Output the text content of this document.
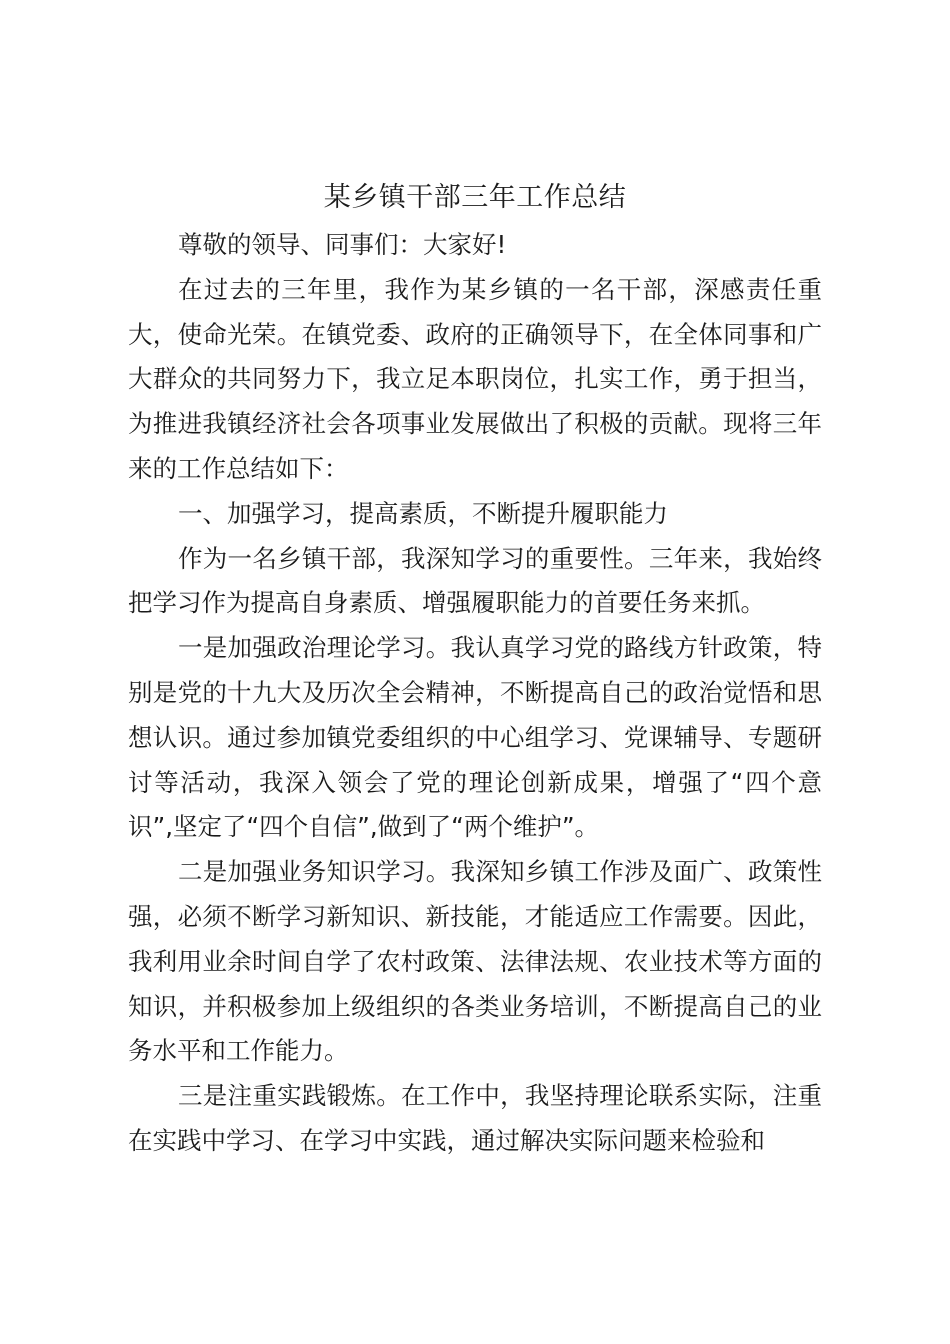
某乡镇干部三年工作总结

尊敬的领导、同事们：大家好!

在过去的三年里，我作为某乡镇的一名干部，深感责任重大，使命光荣。在镇党委、政府的正确领导下，在全体同事和广大群众的共同努力下，我立足本职岗位，扎实工作，勇于担当，为推进我镇经济社会各项事业发展做出了积极的贡献。现将三年来的工作总结如下：

一、加强学习，提高素质，不断提升履职能力

作为一名乡镇干部，我深知学习的重要性。三年来，我始终把学习作为提高自身素质、增强履职能力的首要任务来抓。

一是加强政治理论学习。我认真学习党的路线方针政策，特别是党的十九大及历次全会精神，不断提高自己的政治觉悟和思想认识。通过参加镇党委组织的中心组学习、党课辅导、专题研讨等活动，我深入领会了党的理论创新成果，增强了“四个意识”,坚定了“四个自信”,做到了“两个维护”。

二是加强业务知识学习。我深知乡镇工作涉及面广、政策性强，必须不断学习新知识、新技能，才能适应工作需要。因此，我利用业余时间自学了农村政策、法律法规、农业技术等方面的知识，并积极参加上级组织的各类业务培训，不断提高自己的业务水平和工作能力。

三是注重实践锻炼。在工作中，我坚持理论联系实际，注重在实践中学习、在学习中实践，通过解决实际问题来检验和
